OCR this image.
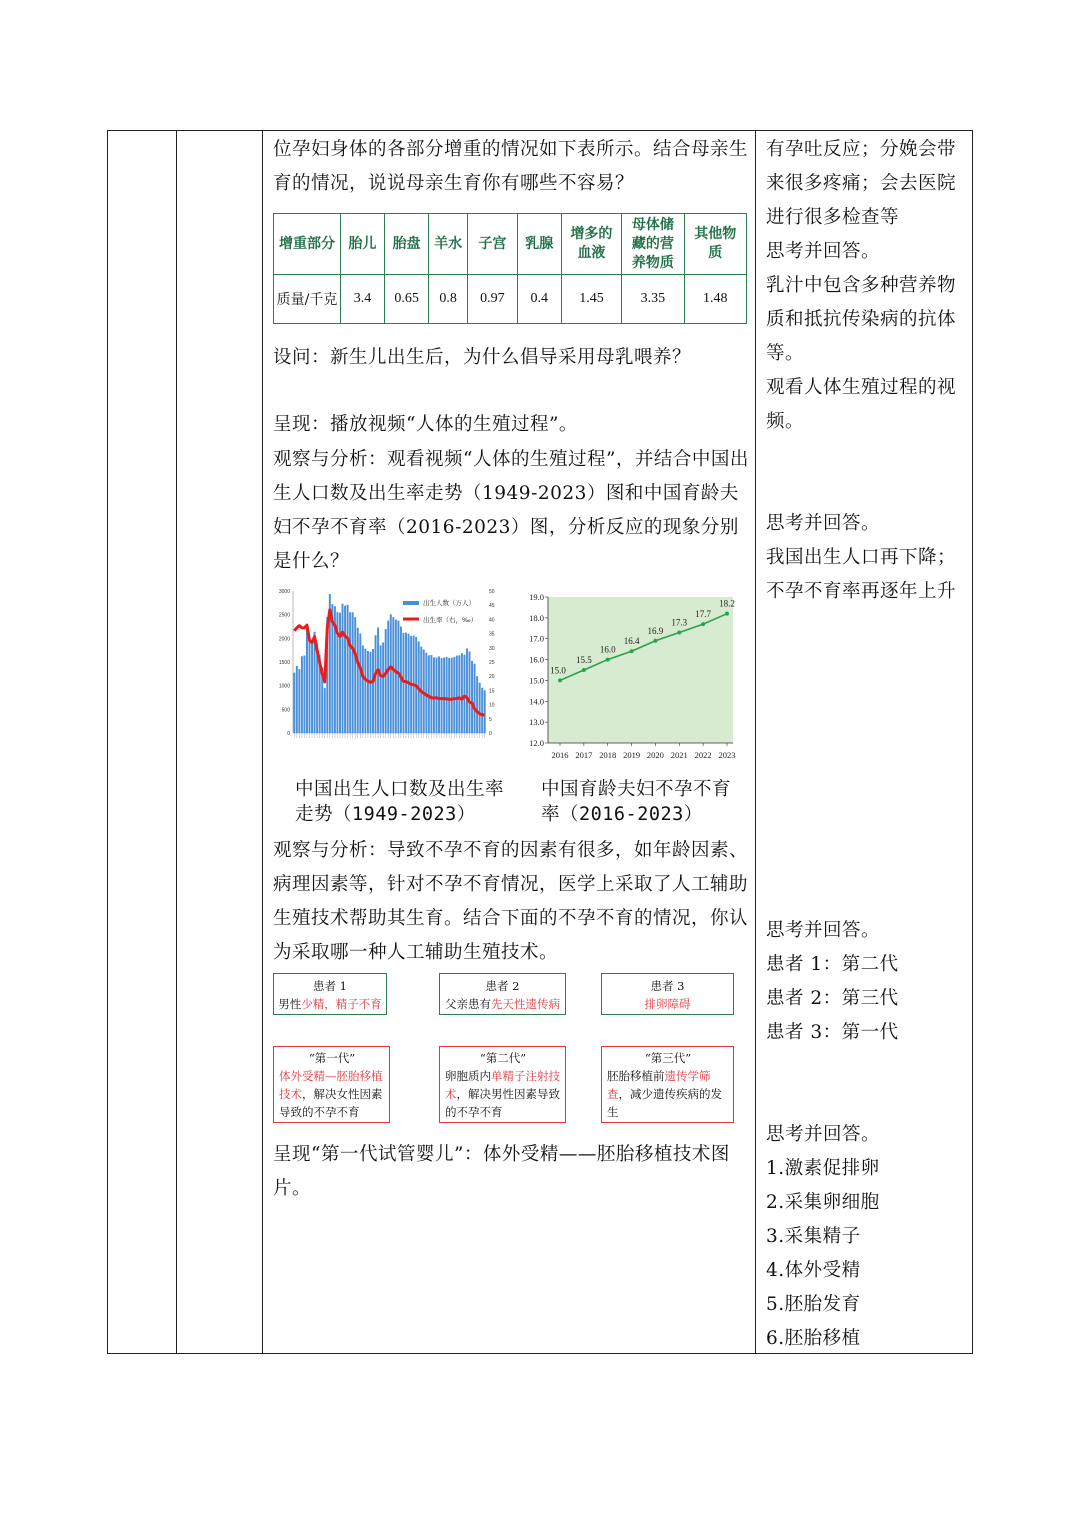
位孕妇身体的各部分增重的情况如下表所示。结合母亲生育的情况，说说母亲生育你有哪些不容易？

增重部分	胎儿	胎盘	羊水	子宫	乳腺	增多的血液	母体储藏的营养物质	其他物质
质量/千克	3.4	0.65	0.8	0.97	0.4	1.45	3.35	1.48

设问：新生儿出生后，为什么倡导采用母乳喂养？

呈现：播放视频“人体的生殖过程”。

观察与分析：观看视频“人体的生殖过程”，并结合中国出生人口数及出生率走势（1949-2023）图和中国育龄夫妇不孕不育率（2016-2023）图，分析反应的现象分别是什么？

3000
2500
2000
1500
1000
500
0
50
45
40
35
30
25
20
15
10
5
0
出生人数（万人）
出生率（右，‰）
19.0
18.0
17.0
16.0
15.0
14.0
13.0
12.0
2016 2017 2018 2019 2020 2021 2022 2023
15.0
15.5
16.0
16.4
16.9
17.3
17.7
18.2
中国出生人口数及出生率走势（1949-2023）
中国育龄夫妇不孕不育率（2016-2023）

观察与分析：导致不孕不育的因素有很多，如年龄因素、病理因素等，针对不孕不育情况，医学上采取了人工辅助生殖技术帮助其生育。结合下面的不孕不育的情况，你认为采取哪一种人工辅助生殖技术。

患者 1
男性少精，精子不育
患者 2
父亲患有先天性遗传病
患者 3
排卵障碍
“第一代”
体外受精—胚胎移植技术，解决女性因素导致的不孕不育
“第二代”
卵胞质内单精子注射技术，解决男性因素导致的不孕不育
“第三代”
胚胎移植前遗传学筛查，减少遗传疾病的发生

呈现“第一代试管婴儿”：体外受精——胚胎移植技术图片。

有孕吐反应；分娩会带来很多疼痛；会去医院进行很多检查等
思考并回答。
乳汁中包含多种营养物质和抵抗传染病的抗体等。
观看人体生殖过程的视频。
思考并回答。
我国出生人口再下降；不孕不育率再逐年上升
思考并回答。
患者 1：第二代
患者 2：第三代
患者 3：第一代
思考并回答。
1.激素促排卵
2.采集卵细胞
3.采集精子
4.体外受精
5.胚胎发育
6.胚胎移植
